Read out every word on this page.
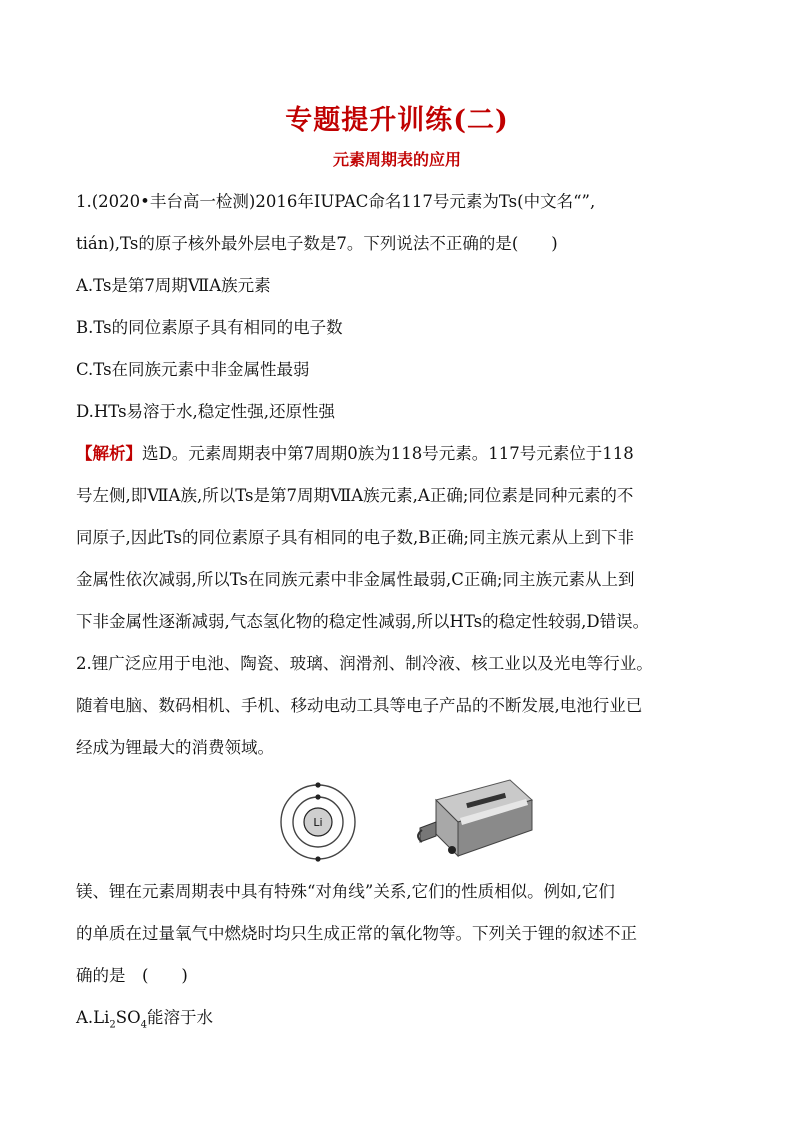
专题提升训练(二)
元素周期表的应用
1.(2020•丰台高一检测)2016年IUPAC命名117号元素为Ts(中文名“”,
tián),Ts的原子核外最外层电子数是7。下列说法不正确的是(　　)
A.Ts是第7周期ⅦA族元素
B.Ts的同位素原子具有相同的电子数
C.Ts在同族元素中非金属性最弱
D.HTs易溶于水,稳定性强,还原性强
【解析】选D。元素周期表中第7周期0族为118号元素。117号元素位于118
号左侧,即ⅦA族,所以Ts是第7周期ⅦA族元素,A正确;同位素是同种元素的不
同原子,因此Ts的同位素原子具有相同的电子数,B正确;同主族元素从上到下非
金属性依次减弱,所以Ts在同族元素中非金属性最弱,C正确;同主族元素从上到
下非金属性逐渐减弱,气态氢化物的稳定性减弱,所以HTs的稳定性较弱,D错误。
2.锂广泛应用于电池、陶瓷、玻璃、润滑剂、制冷液、核工业以及光电等行业。
随着电脑、数码相机、手机、移动电动工具等电子产品的不断发展,电池行业已
经成为锂最大的消费领域。
Li
镁、锂在元素周期表中具有特殊“对角线”关系,它们的性质相似。例如,它们
的单质在过量氧气中燃烧时均只生成正常的氧化物等。下列关于锂的叙述不正
确的是　(　　)
$A.Li_2SO_4$能溶于水
